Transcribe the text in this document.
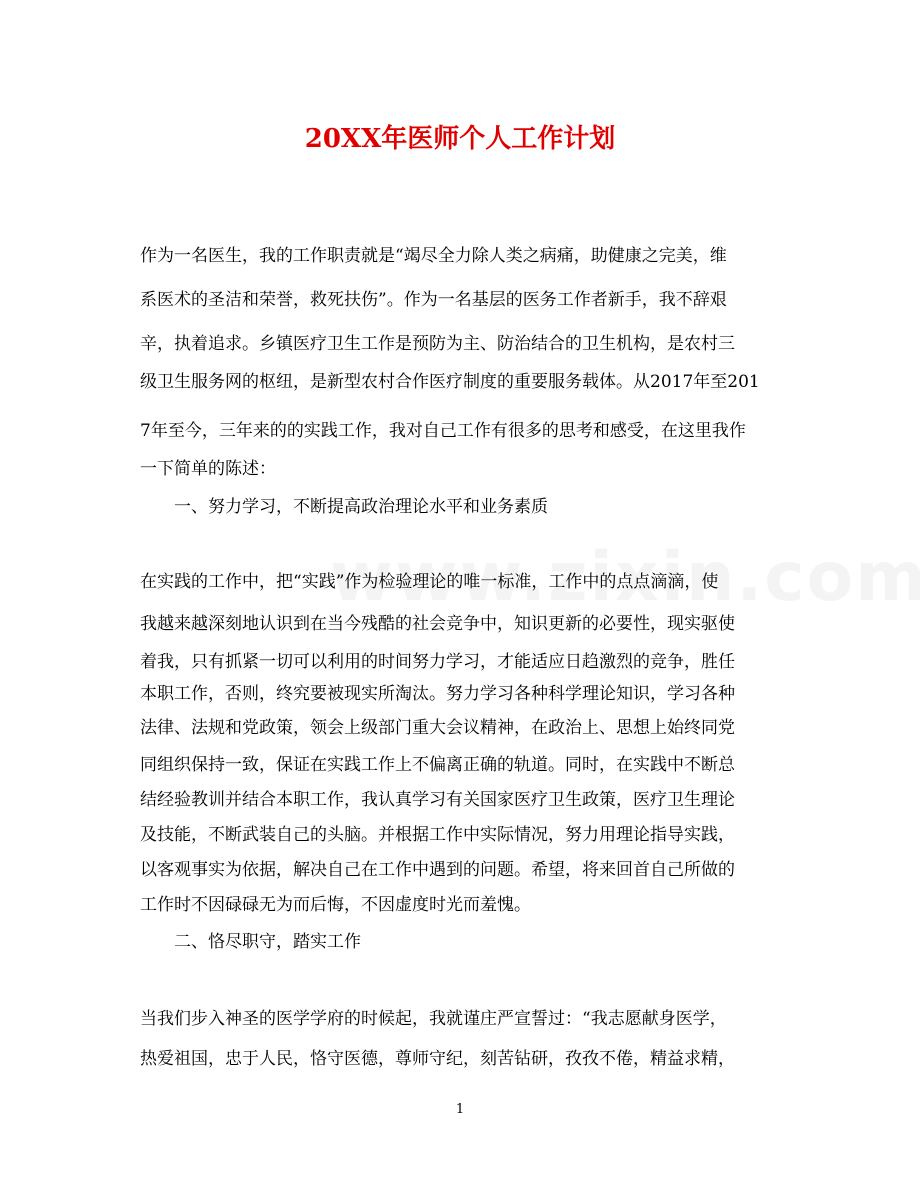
20XX年医师个人工作计划
作为一名医生，我的工作职责就是“竭尽全力除人类之病痛，助健康之完美，维
系医术的圣洁和荣誉，救死扶伤”。作为一名基层的医务工作者新手，我不辞艰
辛，执着追求。乡镇医疗卫生工作是预防为主、防治结合的卫生机构，是农村三
级卫生服务网的枢纽，是新型农村合作医疗制度的重要服务载体。从2017年至201
7年至今，三年来的的实践工作，我对自己工作有很多的思考和感受，在这里我作
一下简单的陈述：
一、努力学习，不断提高政治理论水平和业务素质
在实践的工作中，把“实践”作为检验理论的唯一标准，工作中的点点滴滴，使
我越来越深刻地认识到在当今残酷的社会竞争中，知识更新的必要性，现实驱使
着我，只有抓紧一切可以利用的时间努力学习，才能适应日趋激烈的竞争，胜任
本职工作，否则，终究要被现实所淘汰。努力学习各种科学理论知识，学习各种
法律、法规和党政策，领会上级部门重大会议精神，在政治上、思想上始终同党
同组织保持一致，保证在实践工作上不偏离正确的轨道。同时，在实践中不断总
结经验教训并结合本职工作，我认真学习有关国家医疗卫生政策，医疗卫生理论
及技能，不断武装自己的头脑。并根据工作中实际情况，努力用理论指导实践，
以客观事实为依据，解决自己在工作中遇到的问题。希望，将来回首自己所做的
工作时不因碌碌无为而后悔，不因虚度时光而羞愧。
二、恪尽职守，踏实工作
当我们步入神圣的医学学府的时候起，我就谨庄严宣誓过：“我志愿献身医学，
热爱祖国，忠于人民，恪守医德，尊师守纪，刻苦钻研，孜孜不倦，精益求精，
1
